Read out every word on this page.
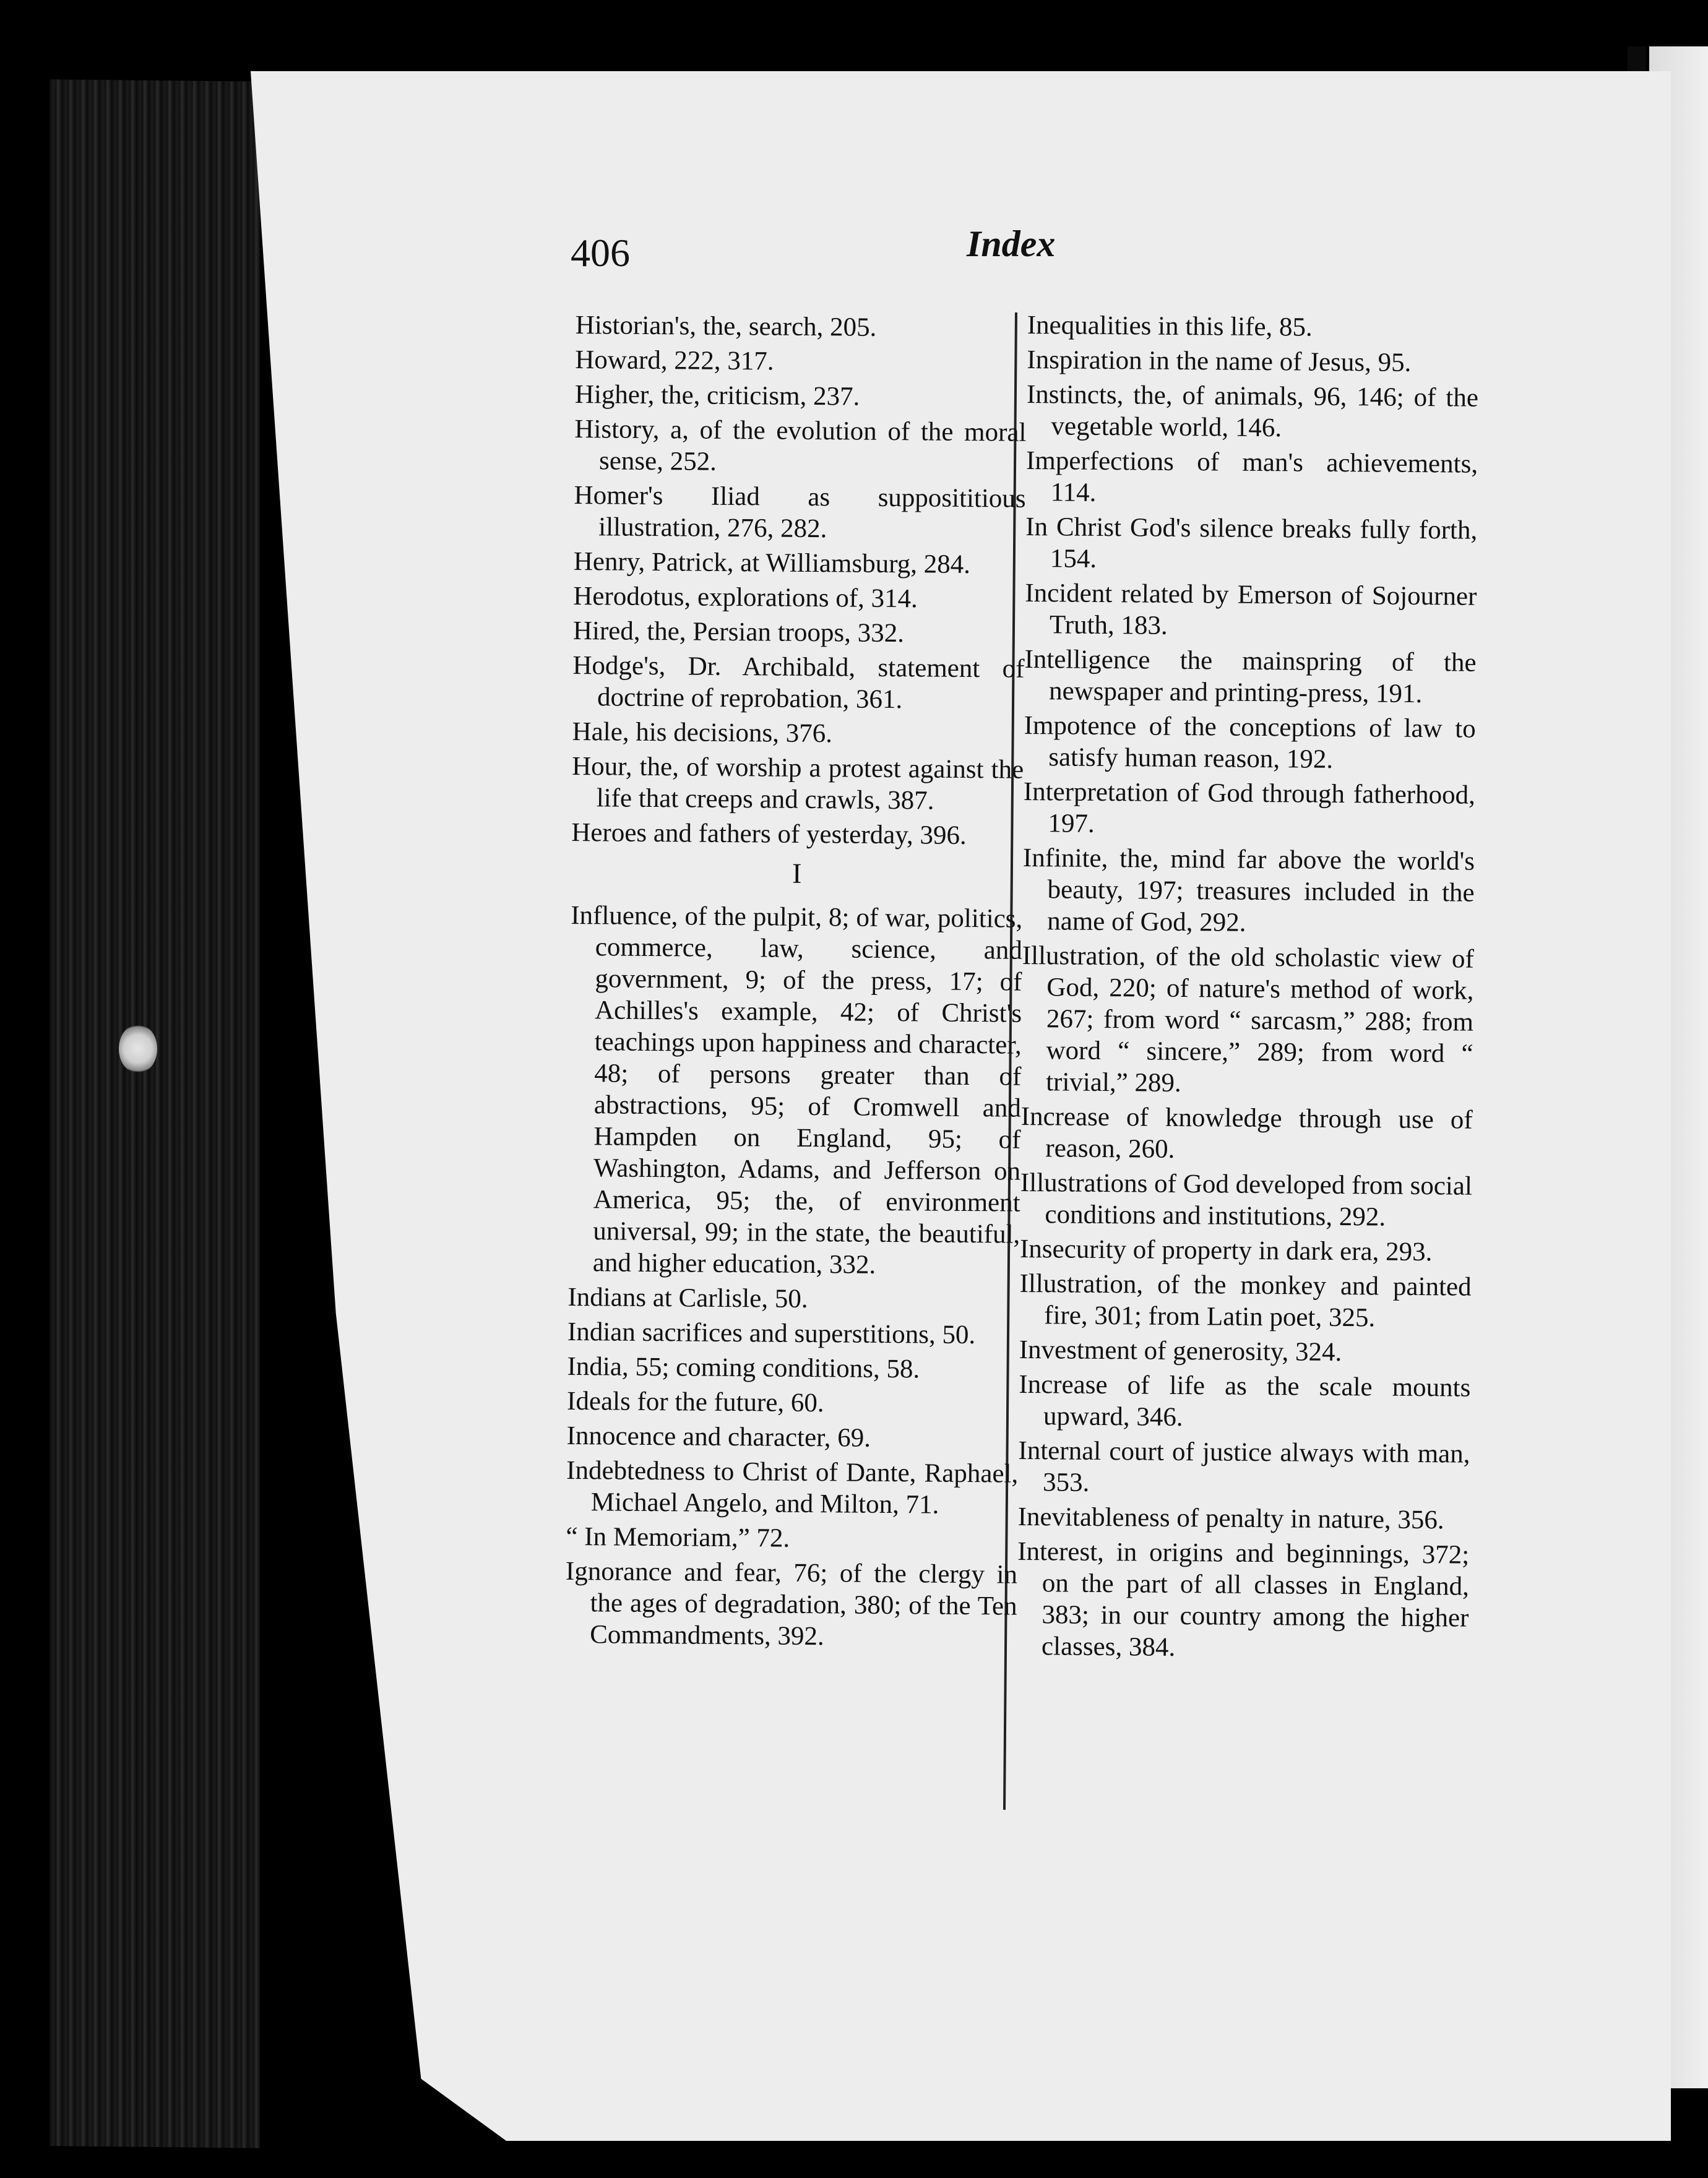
406	Index

Historian's, the, search, 205.

Howard, 222, 317.

Higher, the, criticism, 237.

History, a, of the evolution of the moral sense, 252.

Homer's Iliad as supposititious illustration, 276, 282.

Henry, Patrick, at Williamsburg, 284.

Herodotus, explorations of, 314.

Hired, the, Persian troops, 332.

Hodge's, Dr. Archibald, statement of doctrine of reprobation, 361.

Hale, his decisions, 376.

Hour, the, of worship a protest against the life that creeps and crawls, 387.

Heroes and fathers of yesterday, 396.

I

Influence, of the pulpit, 8; of war, politics, commerce, law, science, and government, 9; of the press, 17; of Achilles's example, 42; of Christ's teachings upon happiness and character, 48; of persons greater than of abstractions, 95; of Cromwell and Hampden on England, 95; of Washington, Adams, and Jefferson on America, 95; the, of environment universal, 99; in the state, the beautiful, and higher education, 332.

Indians at Carlisle, 50.

Indian sacrifices and superstitions, 50.

India, 55; coming conditions, 58.

Ideals for the future, 60.

Innocence and character, 69.

Indebtedness to Christ of Dante, Raphael, Michael Angelo, and Milton, 71.

“ In Memoriam,” 72.

Ignorance and fear, 76; of the clergy in the ages of degradation, 380; of the Ten Commandments, 392.

Inequalities in this life, 85.

Inspiration in the name of Jesus, 95.

Instincts, the, of animals, 96, 146; of the vegetable world, 146.

Imperfections of man's achievements, 114.

In Christ God's silence breaks fully forth, 154.

Incident related by Emerson of Sojourner Truth, 183.

Intelligence the mainspring of the newspaper and printing-press, 191.

Impotence of the conceptions of law to satisfy human reason, 192.

Interpretation of God through fatherhood, 197.

Infinite, the, mind far above the world's beauty, 197; treasures included in the name of God, 292.

Illustration, of the old scholastic view of God, 220; of nature's method of work, 267; from word “ sarcasm,” 288; from word “ sincere,” 289; from word “ trivial,” 289.

Increase of knowledge through use of reason, 260.

Illustrations of God developed from social conditions and institutions, 292.

Insecurity of property in dark era, 293.

Illustration, of the monkey and painted fire, 301; from Latin poet, 325.

Investment of generosity, 324.

Increase of life as the scale mounts upward, 346.

Internal court of justice always with man, 353.

Inevitableness of penalty in nature, 356.

Interest, in origins and beginnings, 372; on the part of all classes in England, 383; in our country among the higher classes, 384.
